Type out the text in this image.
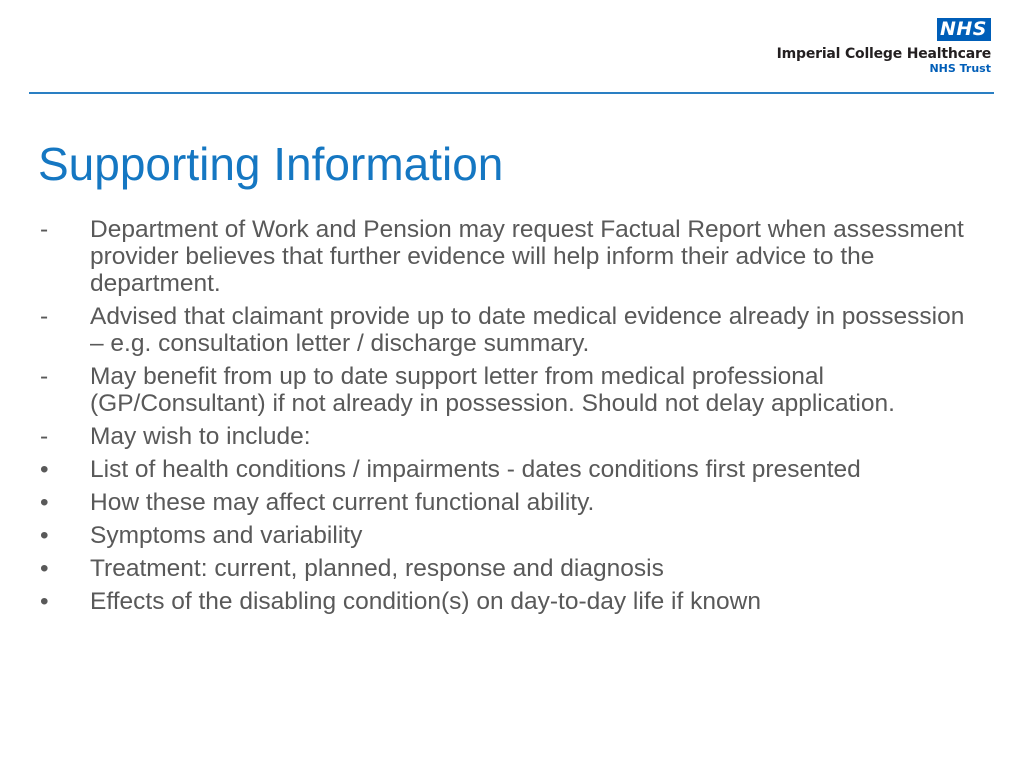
NHS
Imperial College Healthcare
NHS Trust
Supporting Information
-	Department of Work and Pension may request Factual Report when assessment provider believes that further evidence will help inform their advice to the department.
-	Advised that claimant provide up to date medical evidence already in possession – e.g. consultation letter / discharge summary.
-	May benefit from up to date support letter from medical professional (GP/Consultant) if not already in possession. Should not delay application.
-	May wish to include:
•	List of health conditions / impairments - dates conditions first presented
•	How these may affect current functional ability.
•	Symptoms and variability
•	Treatment: current, planned, response and diagnosis
•	Effects of the disabling condition(s) on day-to-day life if known
